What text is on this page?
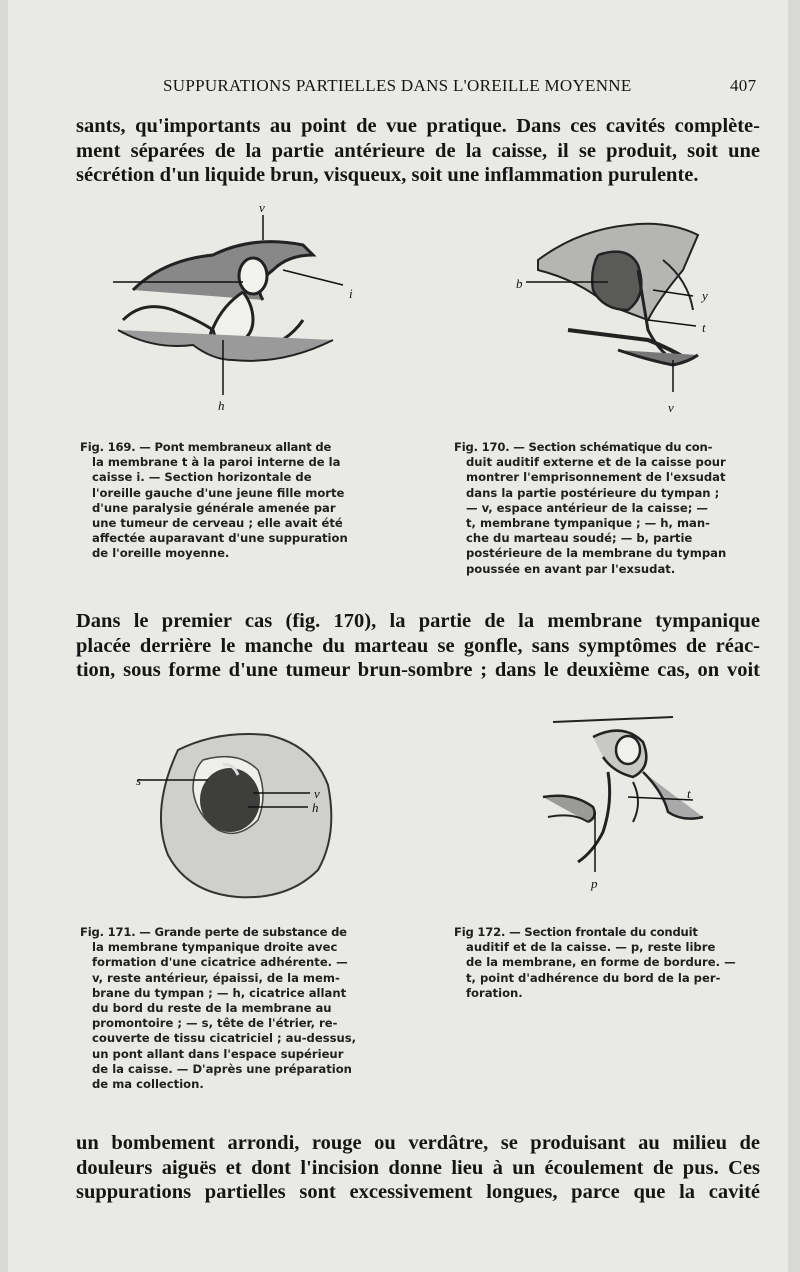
SUPPURATIONS PARTIELLES DANS L'OREILLE MOYENNE	407
sants, qu'importants au point de vue pratique. Dans ces cavités complète-
ment séparées de la partie antérieure de la caisse, il se produit, soit une
sécrétion d'un liquide brun, visqueux, soit une inflammation purulente.
v
i
h
Fig. 169. — Pont membraneux allant de
la membrane t à la paroi interne de la
caisse i. — Section horizontale de
l'oreille gauche d'une jeune fille morte
d'une paralysie générale amenée par
une tumeur de cerveau ; elle avait été
affectée auparavant d'une suppuration
de l'oreille moyenne.
b
y
t
v
Fig. 170. — Section schématique du con-
duit auditif externe et de la caisse pour
montrer l'emprisonnement de l'exsudat
dans la partie postérieure du tympan ;
— v, espace antérieur de la caisse; —
t, membrane tympanique ; — h, man-
che du marteau soudé; — b, partie
postérieure de la membrane du tympan
poussée en avant par l'exsudat.
Dans le premier cas (fig. 170), la partie de la membrane tympanique
placée derrière le manche du marteau se gonfle, sans symptômes de réac-
tion, sous forme d'une tumeur brun-sombre ; dans le deuxième cas, on voit
s
v
h
Fig. 171. — Grande perte de substance de
la membrane tympanique droite avec
formation d'une cicatrice adhérente. —
v, reste antérieur, épaissi, de la mem-
brane du tympan ; — h, cicatrice allant
du bord du reste de la membrane au
promontoire ; — s, tête de l'étrier, re-
couverte de tissu cicatriciel ; au-dessus,
un pont allant dans l'espace supérieur
de la caisse. — D'après une préparation
de ma collection.
t
p
Fig 172. — Section frontale du conduit
auditif et de la caisse. — p, reste libre
de la membrane, en forme de bordure. —
t, point d'adhérence du bord de la per-
foration.
un bombement arrondi, rouge ou verdâtre, se produisant au milieu de
douleurs aiguës et dont l'incision donne lieu à un écoulement de pus. Ces
suppurations partielles sont excessivement longues, parce que la cavité
